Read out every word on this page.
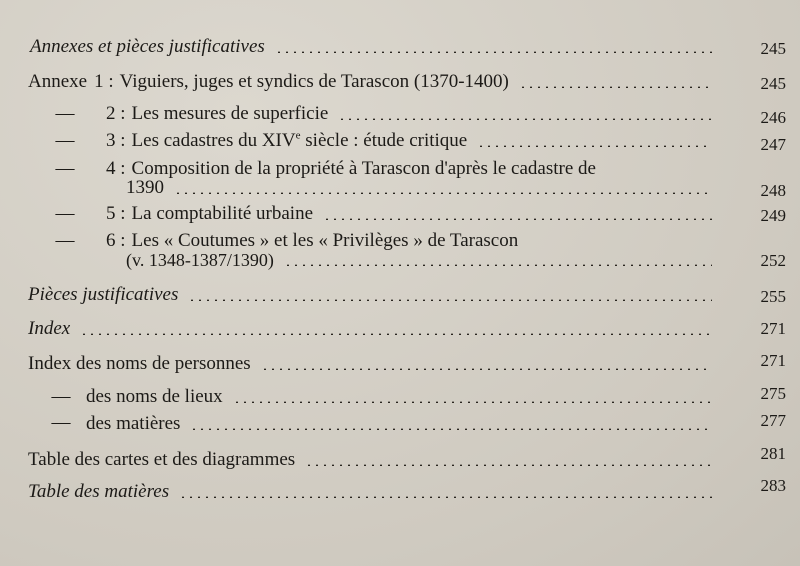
Annexes et pièces justificatives	245
Annexe 1 : Viguiers, juges et syndics de Tarascon (1370-1400)	245
— 2 : Les mesures de superficie	246
— 3 : Les cadastres du XIVe siècle : étude critique	247
— 4 : Composition de la propriété à Tarascon d'après le cadastre de
1390	248
— 5 : La comptabilité urbaine	249
— 6 : Les « Coutumes » et les « Privilèges » de Tarascon
(v. 1348-1387/1390)	252
Pièces justificatives	255
Index	271
Index des noms de personnes	271
— des noms de lieux	275
— des matières	277
Table des cartes et des diagrammes	281
Table des matières	283
